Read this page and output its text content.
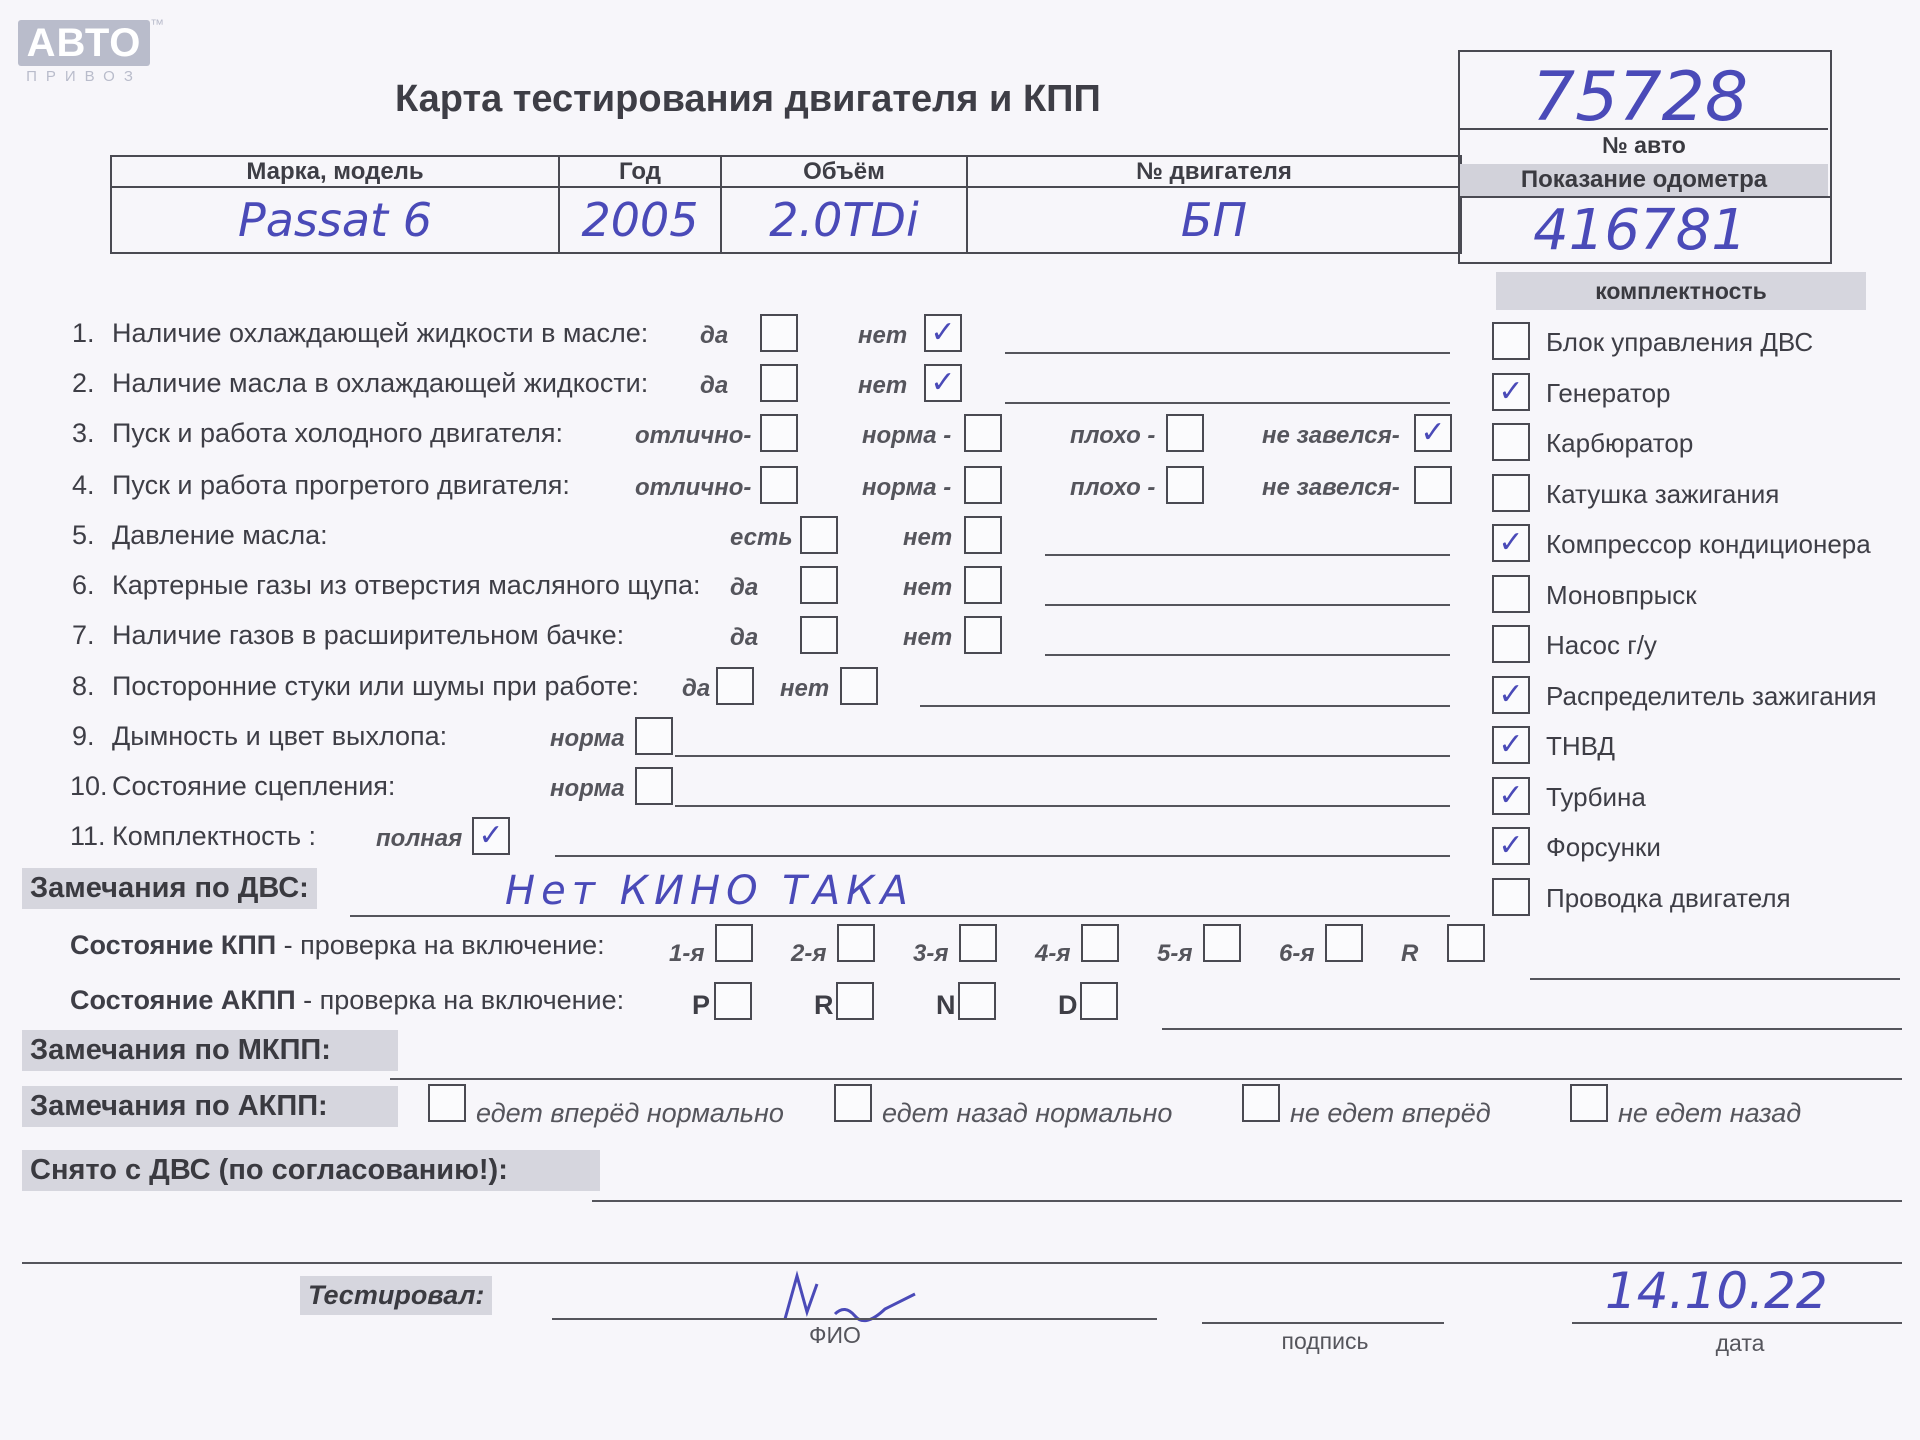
АВТО ™
ПРИВОЗ
Карта тестирования двигателя и КПП
Марка, модель	Год	Объём	№ двигателя
Passat 6	2005	2.0TDi	БП
75728
№ авто
Показание одометра
416781
комплектность
Блок управления ДВС
✓ Генератор
Карбюратор
Катушка зажигания
✓ Компрессор кондиционера
Моновпрыск
Насос г/у
✓ Распределитель зажигания
✓ ТНВД
✓ Турбина
✓ Форсунки
Проводка двигателя
1. Наличие охлаждающей жидкости в масле: да	нет ✓
2. Наличие масла в охлаждающей жидкости: да	нет ✓
3. Пуск и работа холодного двигателя:	отлично-	норма -	плохо -	не завелся- ✓
4. Пуск и работа прогретого двигателя:	отлично-	норма -	плохо -	не завелся-
5. Давление масла:	есть	нет
6. Картерные газы из отверстия масляного щупа: да	нет
7. Наличие газов в расширительном бачке:	да	нет
8. Посторонние стуки или шумы при работе: да	нет
9. Дымность и цвет выхлопа:	норма
10. Состояние сцепления:	норма
11. Комплектность : полная ✓
Замечания по ДВС:	Нет КИНО ТАКА
Состояние КПП - проверка на включение:	1-я	2-я	3-я	4-я	5-я	6-я	R
Состояние АКПП - проверка на включение:	P	R	N	D
Замечания по МКПП:
Замечания по АКПП:	едет вперёд нормально	едет назад нормально	не едет вперёд	не едет назад
Снято с ДВС (по согласованию!):
Тестировал:
ФИО	подпись
14.10.22
дата
